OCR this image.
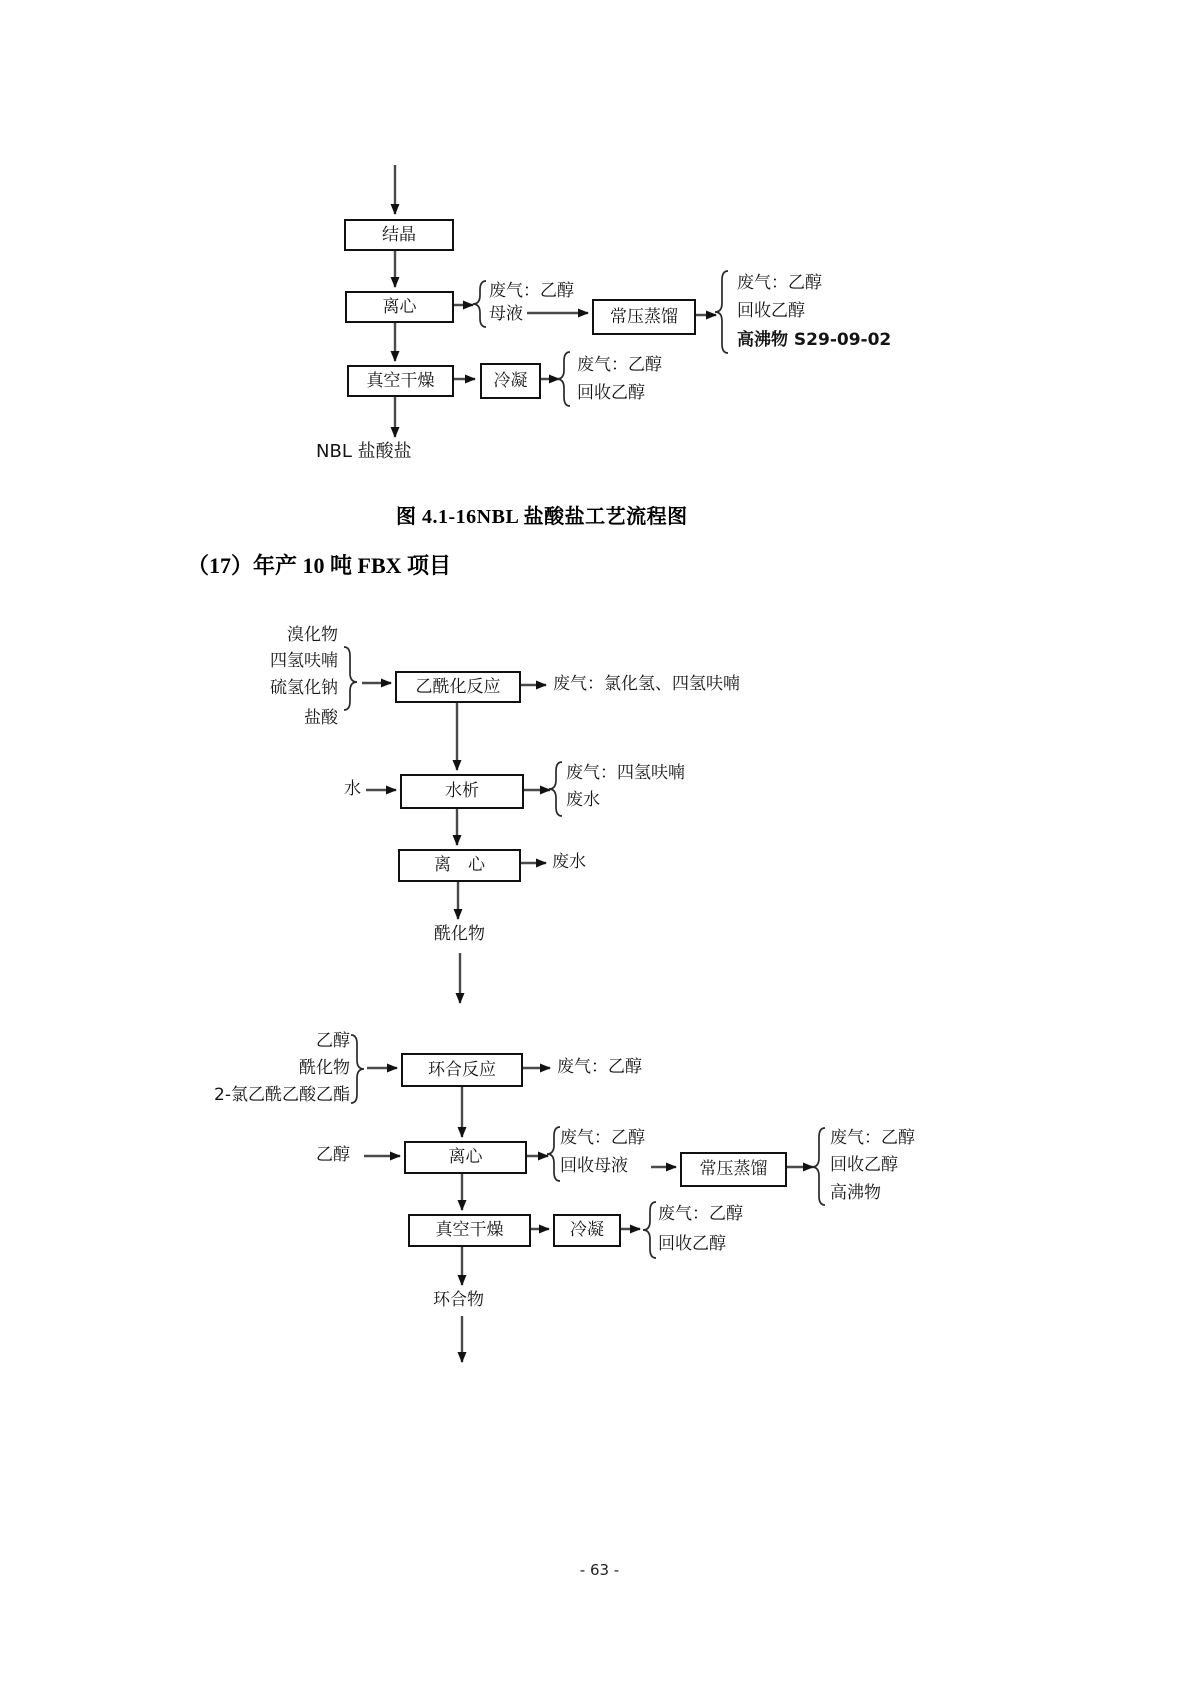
结晶
离心	常压蒸馏
真空干燥	冷凝
废气：乙醇
母液
废气：乙醇
回收乙醇
高沸物 S29-09-02
废气：乙醇
回收乙醇
NBL 盐酸盐
图 4.1-16NBL 盐酸盐工艺流程图
（17）年产 10 吨 FBX 项目
溴化物
四氢呋喃
硫氢化钠
盐酸
乙酰化反应	废气：氯化氢、四氢呋喃
水	水析
废气：四氢呋喃
废水
离　心	废水
酰化物
乙醇
酰化物
2-氯乙酰乙酸乙酯
环合反应	废气：乙醇
乙醇	离心
废气：乙醇
回收母液	常压蒸馏
废气：乙醇
回收乙醇
高沸物
真空干燥	冷凝
废气：乙醇
回收乙醇
环合物
- 63 -
